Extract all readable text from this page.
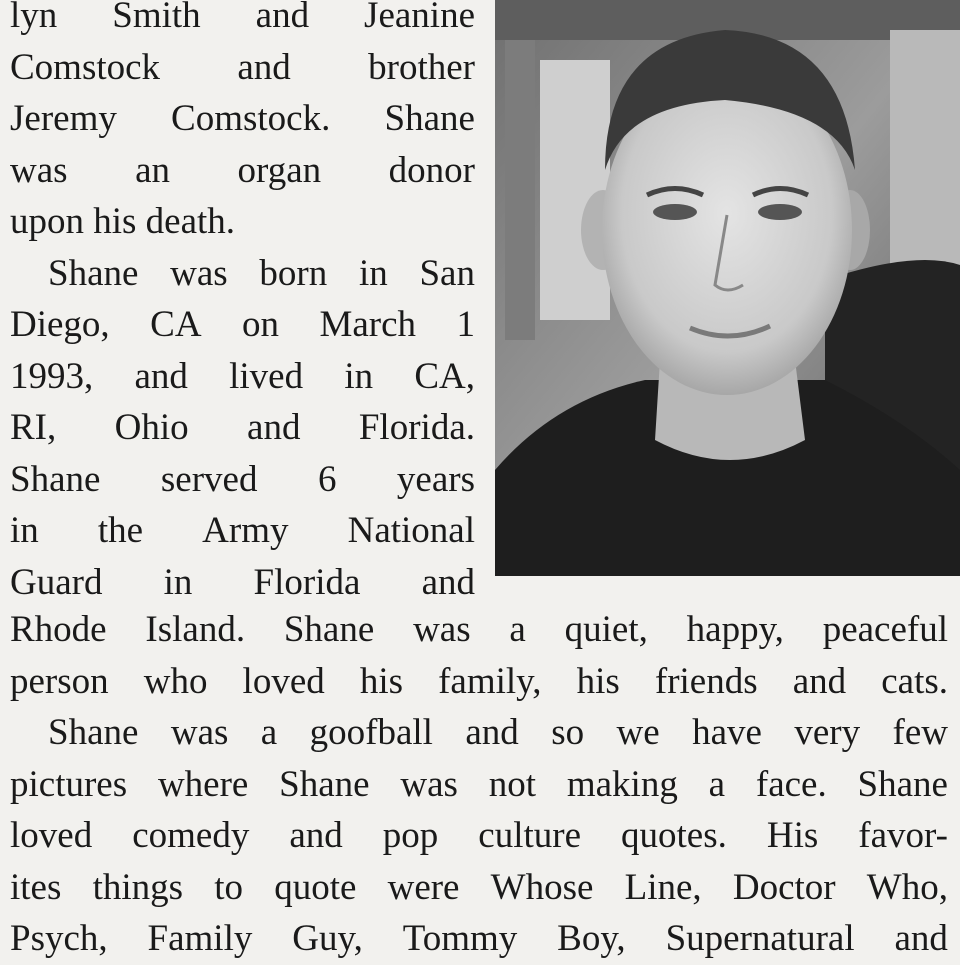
lyn Smith and Jeanine
Comstock and brother
Jeremy Comstock. Shane
was an organ donor
upon his death.
Shane was born in San
Diego, CA on March 1
1993, and lived in CA,
RI, Ohio and Florida.
Shane served 6 years
in the Army National
Guard in Florida and
Rhode Island. Shane was a quiet, happy, peaceful
person who loved his family, his friends and cats.
Shane was a goofball and so we have very few
pictures where Shane was not making a face. Shane
loved comedy and pop culture quotes. His favor-
ites things to quote were Whose Line, Doctor Who,
Psych, Family Guy, Tommy Boy, Supernatural and
